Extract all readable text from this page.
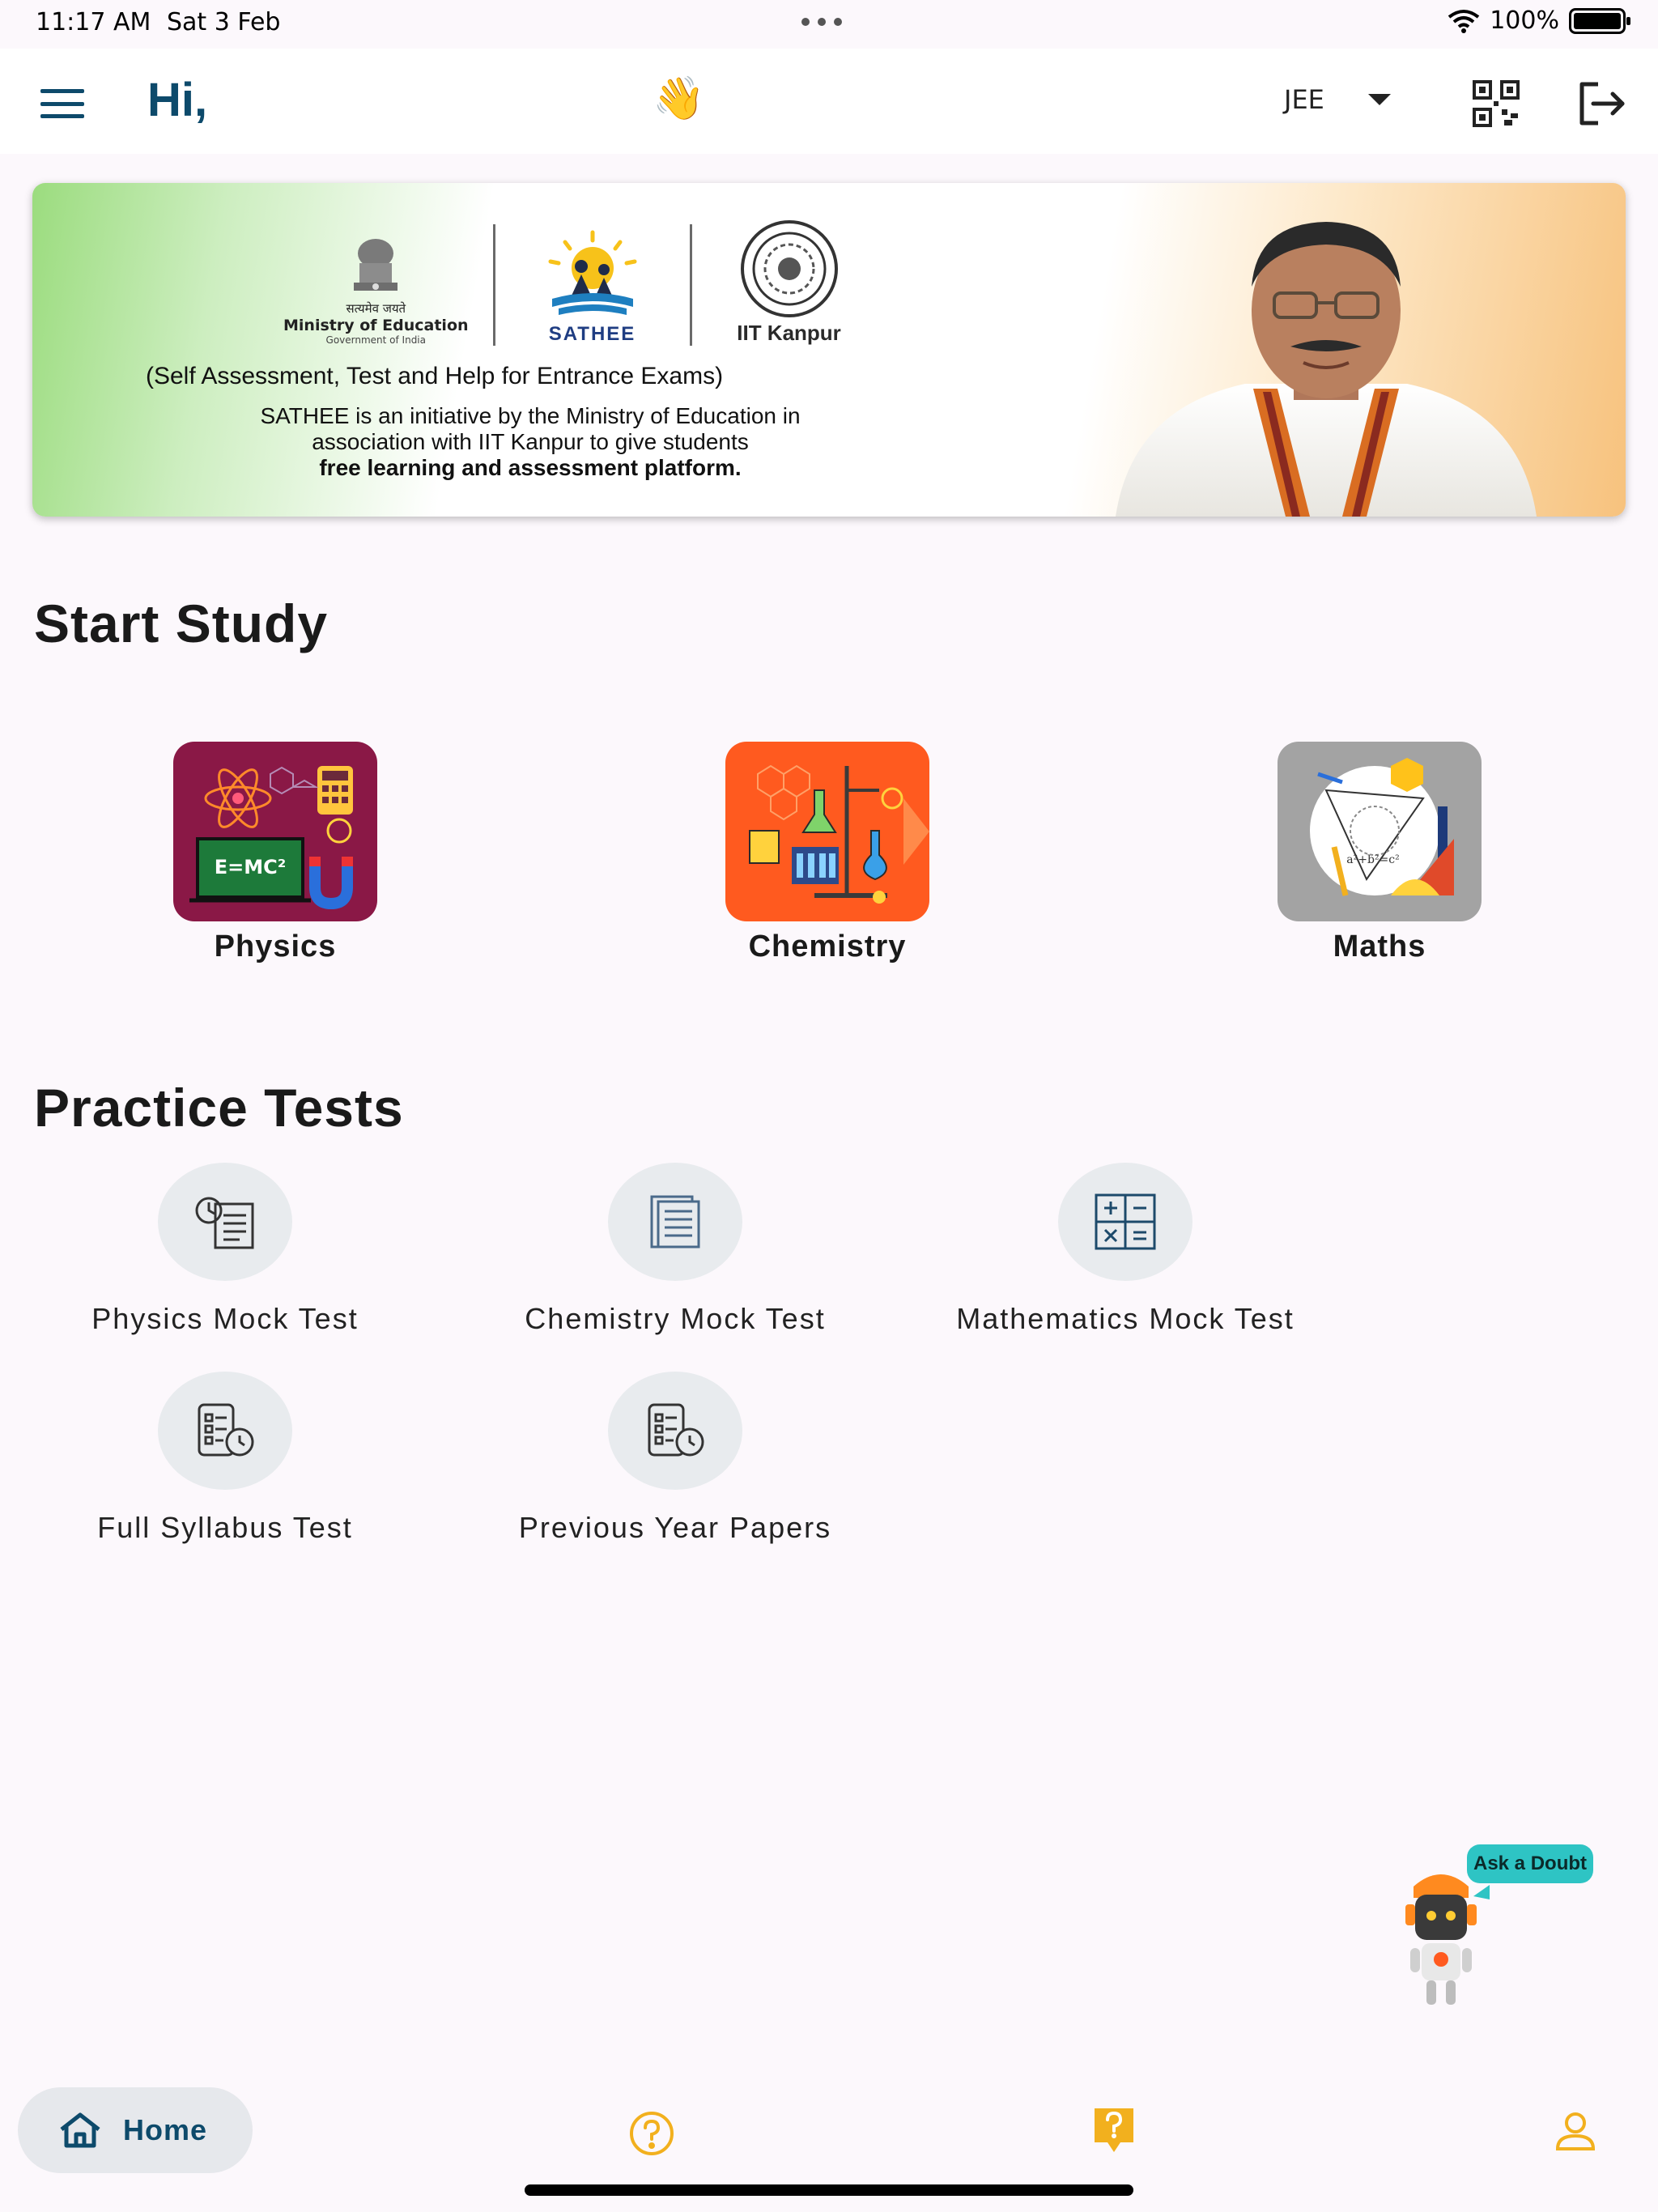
11:17 AM Sat 3 Feb	100%
Hi,	👋	JEE
सत्यमेव जयते
Ministry of Education
Government of India	SATHEE	IIT Kanpur
(Self Assessment, Test and Help for Entrance Exams)
SATHEE is an initiative by the Ministry of Education in
association with IIT Kanpur to give students
free learning and assessment platform.
Start Study
E=MC²
Physics	Chemistry
a²+b²=c²
Maths
Practice Tests
Physics Mock Test	Chemistry Mock Test	Mathematics Mock Test
Full Syllabus Test	Previous Year Papers
Ask a Doubt
Home
